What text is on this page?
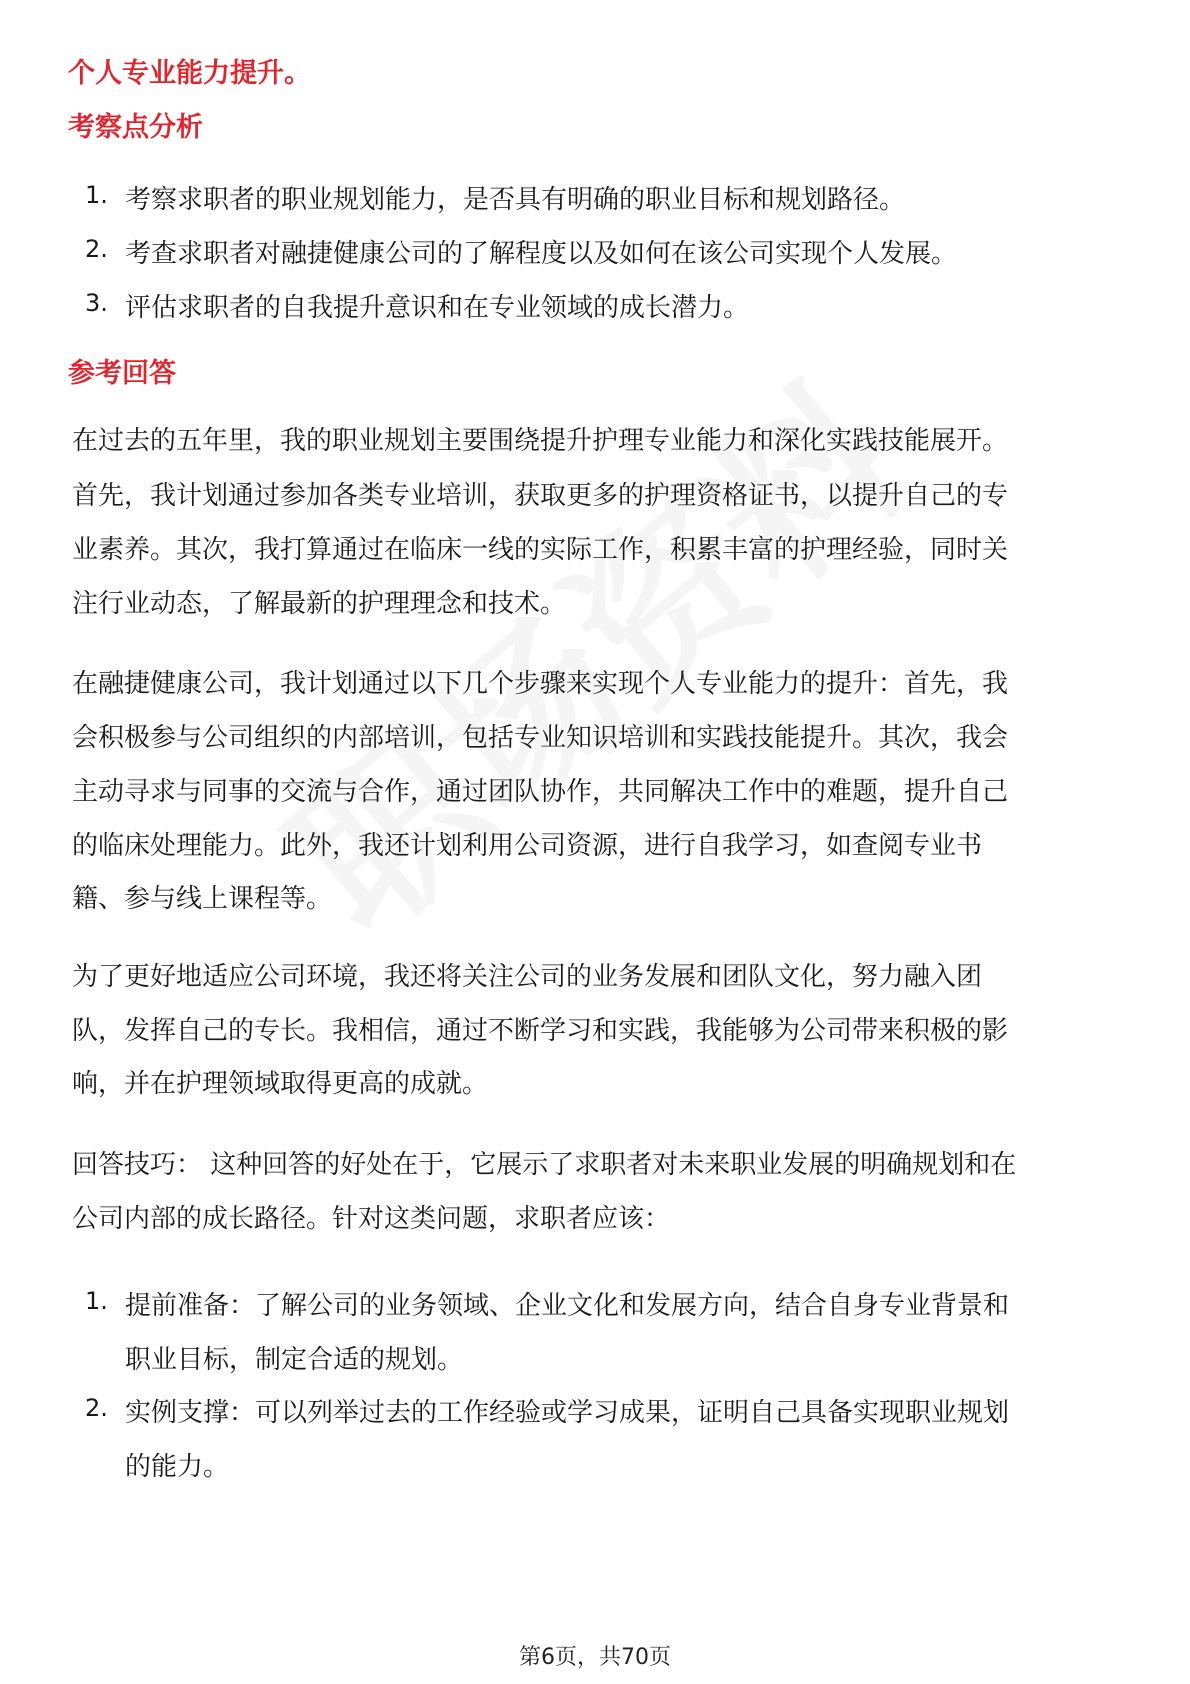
个人专业能力提升。
考察点分析
1. 考察求职者的职业规划能力，是否具有明确的职业目标和规划路径。
2. 考查求职者对融捷健康公司的了解程度以及如何在该公司实现个人发展。
3. 评估求职者的自我提升意识和在专业领域的成长潜力。
参考回答
在过去的五年里，我的职业规划主要围绕提升护理专业能力和深化实践技能展开。
首先，我计划通过参加各类专业培训，获取更多的护理资格证书，以提升自己的专
业素养。其次，我打算通过在临床一线的实际工作，积累丰富的护理经验，同时关
注行业动态，了解最新的护理理念和技术。
在融捷健康公司，我计划通过以下几个步骤来实现个人专业能力的提升：首先，我
会积极参与公司组织的内部培训，包括专业知识培训和实践技能提升。其次，我会
主动寻求与同事的交流与合作，通过团队协作，共同解决工作中的难题，提升自己
的临床处理能力。此外，我还计划利用公司资源，进行自我学习，如查阅专业书
籍、参与线上课程等。
为了更好地适应公司环境，我还将关注公司的业务发展和团队文化，努力融入团
队，发挥自己的专长。我相信，通过不断学习和实践，我能够为公司带来积极的影
响，并在护理领域取得更高的成就。
回答技巧： 这种回答的好处在于，它展示了求职者对未来职业发展的明确规划和在
公司内部的成长路径。针对这类问题，求职者应该：
1. 提前准备：了解公司的业务领域、企业文化和发展方向，结合自身专业背景和
职业目标，制定合适的规划。
2. 实例支撑：可以列举过去的工作经验或学习成果，证明自己具备实现职业规划
的能力。
第6页，共70页
